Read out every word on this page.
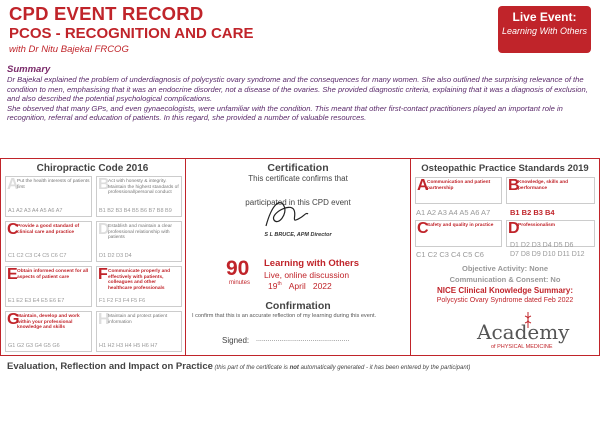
CPD EVENT RECORD
PCOS - RECOGNITION AND CARE
with Dr Nitu Bajekal FRCOG
Live Event:
Learning With Others
Summary
Dr Bajekal explained the problem of underdiagnosis of polycystic ovary syndrome and the consequences for many women. She also outlined the surprising relevance of the condition to men, emphasising that it was an endocrine disorder, not a disease of the ovaries. She provided diagnostic criteria, explaining that it was a diagnosis of exclusion, and also described the potential psychological complications.
She observed that many GPs, and even gynaecologists, were unfamiliar with the condition. This meant that other first-contact practitioners played an important role in recognition, referral and education of patients. In this regard, she provided a number of valuable resources.
Chiropractic Code 2016
A
Put the health interests of patients first
A1 A2 A3 A4 A5 A6 A7
B
Act with honesty & integrity. Maintain the highest standards of professional/personal conduct
B1 B2 B3 B4 B5 B6 B7 B8 B9
C
Provide a good standard of clinical care and practice
C1 C2 C3 C4 C5 C6 C7
D
Establish and maintain a clear professional relationship with patients
D1 D2 D3 D4
E Obtain informed consent for all aspects of patient care
E1 E2 E3 E4 E5 E6 E7
F Communicate properly and effectively with patients, colleagues and other healthcare professionals
F1 F2 F3 F4 F5 F6
G
Maintain, develop and work within your professional knowledge and skills
G1 G2 G3 G4 G5 G6
H
Maintain and protect patient information
H1 H2 H3 H4 H5 H6 H7
Certification
This certificate confirms that
participated in this CPD event
S L BRUCE, APM Director
90
minutes
Learning with Others
Live, online discussion
19th April 2022
Confirmation
I confirm that this is an accurate reflection of my learning during this event.
Signed: ................................................
Osteopathic Practice Standards 2019
A
Communication and patient partnership	B
Knowledge, skills and performance
A1 A2 A3 A4 A5 A6 A7	B1 B2 B3 B4
C
Safety and quality in practice D
Professionalism
C1 C2 C3 C4 C5 C6
D1 D2 D3 D4 D5 D6
D7 D8 D9 D10 D11 D12
Objective Activity: None
Communication & Consent: No
NICE Clinical Knowledge Summary:
Polycystic Ovary Syndrome dated Feb 2022
Academy
of PHYSICAL MEDICINE
Evaluation, Reflection and Impact on Practice (this part of the certificate is not automatically generated - it has been entered by the participant)
